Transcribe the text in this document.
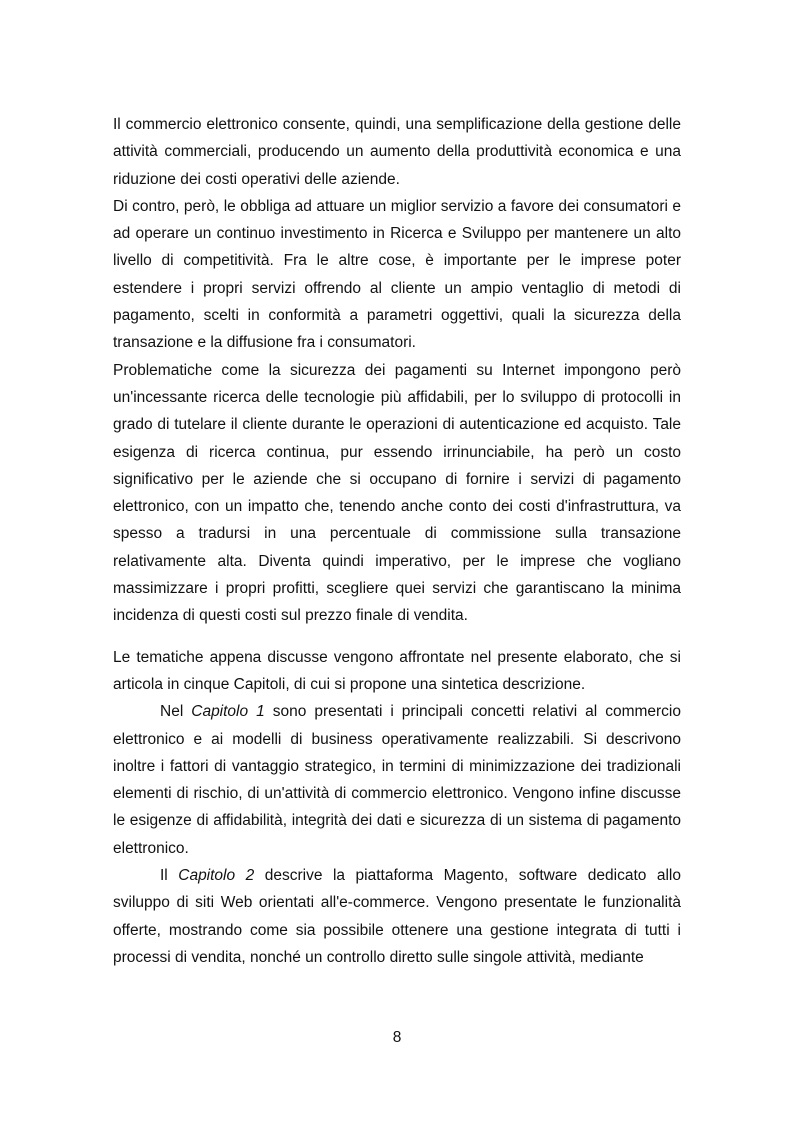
Il commercio elettronico consente, quindi, una semplificazione della gestione delle attività commerciali, producendo un aumento della produttività economica e una riduzione dei costi operativi delle aziende.

Di contro, però, le obbliga ad attuare un miglior servizio a favore dei consumatori e ad operare un continuo investimento in Ricerca e Sviluppo per mantenere un alto livello di competitività. Fra le altre cose, è importante per le imprese poter estendere i propri servizi offrendo al cliente un ampio ventaglio di metodi di pagamento, scelti in conformità a parametri oggettivi, quali la sicurezza della transazione e la diffusione fra i consumatori.

Problematiche come la sicurezza dei pagamenti su Internet impongono però un'incessante ricerca delle tecnologie più affidabili, per lo sviluppo di protocolli in grado di tutelare il cliente durante le operazioni di autenticazione ed acquisto. Tale esigenza di ricerca continua, pur essendo irrinunciabile, ha però un costo significativo per le aziende che si occupano di fornire i servizi di pagamento elettronico, con un impatto che, tenendo anche conto dei costi d'infrastruttura, va spesso a tradursi in una percentuale di commissione sulla transazione relativamente alta. Diventa quindi imperativo, per le imprese che vogliano massimizzare i propri profitti, scegliere quei servizi che garantiscano la minima incidenza di questi costi sul prezzo finale di vendita.

Le tematiche appena discusse vengono affrontate nel presente elaborato, che si articola in cinque Capitoli, di cui si propone una sintetica descrizione.

Nel Capitolo 1 sono presentati i principali concetti relativi al commercio elettronico e ai modelli di business operativamente realizzabili. Si descrivono inoltre i fattori di vantaggio strategico, in termini di minimizzazione dei tradizionali elementi di rischio, di un'attività di commercio elettronico. Vengono infine discusse le esigenze di affidabilità, integrità dei dati e sicurezza di un sistema di pagamento elettronico.

Il Capitolo 2 descrive la piattaforma Magento, software dedicato allo sviluppo di siti Web orientati all'e-commerce. Vengono presentate le funzionalità offerte, mostrando come sia possibile ottenere una gestione integrata di tutti i processi di vendita, nonché un controllo diretto sulle singole attività, mediante

8
